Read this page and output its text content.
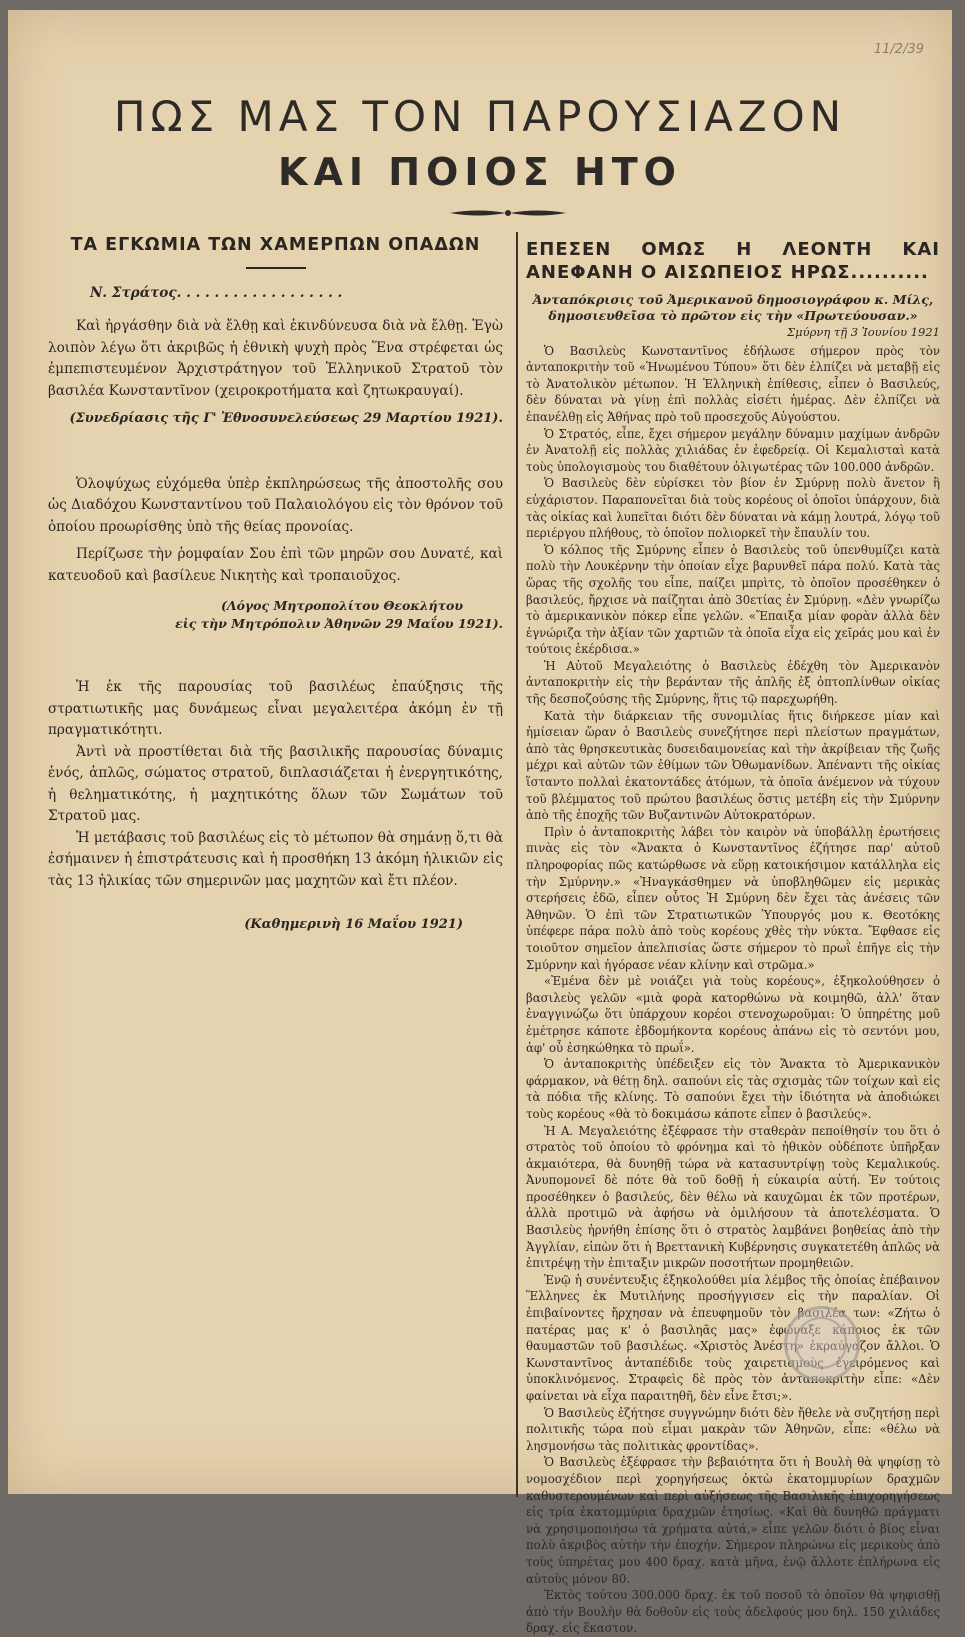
11/2/39
ΠΩΣ ΜΑΣ ΤΟΝ ΠΑΡΟΥΣΙΑΖΟΝ
ΚΑΙ ΠΟΙΟΣ ΗΤΟ
ΤΑ ΕΓΚΩΜΙΑ ΤΩΝ ΧΑΜΕΡΠΩΝ ΟΠΑΔΩΝ

Ν. Στράτος. . . . . . . . . . . . . . . . . .

Καὶ ἠργάσθην διὰ νὰ ἔλθῃ καὶ ἐκινδύνευσα διὰ νὰ ἔλθῃ. Ἐγὼ λοιπὸν λέγω ὅτι ἀκριβῶς ἡ ἐθνικὴ ψυχὴ πρὸς Ἕνα στρέφεται ὡς ἐμπεπιστευμένον Ἀρχιστράτηγον τοῦ Ἑλληνικοῦ Στρατοῦ τὸν βασιλέα Κωνσταντῖνον (χειροκροτήματα καὶ ζητωκραυγαί).

(Συνεδρίασις τῆς Γ' Ἐθνοσυνελεύσεως 29 Μαρτίου 1921).

Ὁλοψύχως εὐχόμεθα ὑπὲρ ἐκπληρώσεως τῆς ἀποστολῆς σου ὡς Διαδόχου Κωνσταντίνου τοῦ Παλαιολόγου εἰς τὸν θρόνον τοῦ ὁποίου προωρίσθης ὑπὸ τῆς θείας προνοίας.

Περίζωσε τὴν ῥομφαίαν Σου ἐπὶ τῶν μηρῶν σου Δυνατέ, καὶ κατευοδοῦ καὶ βασίλευε Νικητὴς καὶ τροπαιοῦχος.

(Λόγος Μητροπολίτου Θεοκλήτου

εἰς τὴν Μητρόπολιν Ἀθηνῶν 29 Μαΐου 1921).

Ἡ ἐκ τῆς παρουσίας τοῦ βασιλέως ἐπαύξησις τῆς στρατιωτικῆς μας δυνάμεως εἶναι μεγαλειτέρα ἀκόμη ἐν τῇ πραγματικότητι.

Ἀντὶ νὰ προστίθεται διὰ τῆς βασιλικῆς παρουσίας δύναμις ἑνός, ἁπλῶς, σώματος στρατοῦ, διπλασιάζεται ἡ ἐνεργητικότης, ἡ θεληματικότης, ἡ μαχητικότης ὅλων τῶν Σωμάτων τοῦ Στρατοῦ μας.

Ἡ μετάβασις τοῦ βασιλέως εἰς τὸ μέτωπον θὰ σημάνῃ ὅ,τι θὰ ἐσήμαινεν ἡ ἐπιστράτευσις καὶ ἡ προσθήκη 13 ἀκόμη ἡλικιῶν εἰς τὰς 13 ἡλικίας τῶν σημερινῶν μας μαχητῶν καὶ ἔτι πλέον.

(Καθημερινὴ 16 Μαΐου 1921)

ΕΠΕΣΕΝ ΟΜΩΣ Η ΛΕΟΝΤΗ ΚΑΙ ΑΝΕΦΑΝΗ Ο ΑΙΣΩΠΕΙΟΣ ΗΡΩΣ..........

Ἀνταπόκρισις τοῦ Ἀμερικανοῦ δημοσιογράφου κ. Μίλς, δημοσιευθεῖσα τὸ πρῶτον εἰς τὴν «Πρωτεύουσαν.»

Σμύρνη τῇ 3 Ἰουνίου 1921

Ὁ Βασιλεὺς Κωνσταντῖνος ἐδήλωσε σήμερον πρὸς τὸν ἀνταποκριτὴν τοῦ «Ἡνωμένου Τύπου» ὅτι δὲν ἐλπίζει νὰ μεταβῇ εἰς τὸ Ἀνατολικὸν μέτωπον. Ἡ Ἑλληνικὴ ἐπίθεσις, εἶπεν ὁ Βασιλεύς, δὲν δύναται νὰ γίνῃ ἐπὶ πολλὰς εἰσέτι ἡμέρας. Δὲν ἐλπίζει νὰ ἐπανέλθῃ εἰς Ἀθήνας πρὸ τοῦ προσεχοῦς Αὐγούστου.

Ὁ Στρατός, εἶπε, ἔχει σήμερον μεγάλην δύναμιν μαχίμων ἀνδρῶν ἐν Ἀνατολῇ εἰς πολλὰς χιλιάδας ἐν ἐφεδρείᾳ. Οἱ Κεμαλισταὶ κατὰ τοὺς ὑπολογισμοὺς του διαθέτουν ὀλιγωτέρας τῶν 100.000 ἀνδρῶν.

Ὁ Βασιλεὺς δὲν εὑρίσκει τὸν βίον ἐν Σμύρνῃ πολὺ ἄνετον ἢ εὐχάριστον. Παραπονεῖται διὰ τοὺς κορέους οἱ ὁποῖοι ὑπάρχουν, διὰ τὰς οἰκίας καὶ λυπεῖται διότι δὲν δύναται νὰ κάμῃ λουτρά, λόγῳ τοῦ περιέργου πλήθους, τὸ ὁποῖον πολιορκεῖ τὴν ἔπαυλίν του.

Ὁ κόλπος τῆς Σμύρνης εἶπεν ὁ Βασιλεὺς τοῦ ὑπενθυμίζει κατὰ πολὺ τὴν Λουκέρνην τὴν ὁποίαν εἶχε βαρυνθεῖ πάρα πολύ. Κατὰ τὰς ὥρας τῆς σχολῆς του εἶπε, παίζει μπρὶτς, τὸ ὁποῖον προσέθηκεν ὁ βασιλεύς, ἤρχισε νὰ παίζηται ἀπὸ 30ετίας ἐν Σμύρνῃ. «Δὲν γνωρίζω τὸ ἀμερικανικὸν πόκερ εἶπε γελῶν. «Ἔπαιξα μίαν φορὰν ἀλλὰ δὲν ἐγνώριζα τὴν ἀξίαν τῶν χαρτιῶν τὰ ὁποῖα εἶχα εἰς χεῖράς μου καὶ ἐν τούτοις ἐκέρδισα.»

Ἡ Αὐτοῦ Μεγαλειότης ὁ Βασιλεὺς ἐδέχθη τὸν Ἀμερικανὸν ἀνταποκριτὴν εἰς τὴν βεράνταν τῆς ἀπλῆς ἐξ ὀπτοπλίνθων οἰκίας τῆς δεσποζούσης τῆς Σμύρνης, ἥτις τῷ παρεχωρήθη.

Κατὰ τὴν διάρκειαν τῆς συνομιλίας ἥτις διήρκεσε μίαν καὶ ἡμίσειαν ὥραν ὁ Βασιλεὺς συνεζήτησε περὶ πλείστων πραγμάτων, ἀπὸ τὰς θρησκευτικὰς δυσειδαιμονείας καὶ τὴν ἀκρίβειαν τῆς ζωῆς μέχρι καὶ αὐτῶν τῶν ἐθίμων τῶν Ὀθωμανίδων. Ἀπέναντι τῆς οἰκίας ἵσταντο πολλαὶ ἑκατοντάδες ἀτόμων, τὰ ὁποῖα ἀνέμενον νὰ τύχουν τοῦ βλέμματος τοῦ πρώτου βασιλέως ὅστις μετέβη εἰς τὴν Σμύρνην ἀπὸ τῆς ἐποχῆς τῶν Βυζαντινῶν Αὐτοκρατόρων.

Πρὶν ὁ ἀνταποκριτὴς λάβει τὸν καιρὸν νὰ ὑποβάλλῃ ἐρωτήσεις πινὰς εἰς τὸν «Ἄνακτα ὁ Κωνσταντῖνος ἐζήτησε παρ' αὐτοῦ πληροφορίας πῶς κατώρθωσε νὰ εὕρῃ κατοικήσιμον κατάλληλα εἰς τὴν Σμύρνην.» «Ἠναγκάσθημεν νὰ ὑποβληθῶμεν εἰς μερικὰς στερήσεις ἐδῶ, εἶπεν οὗτος Ἡ Σμύρνη δὲν ἔχει τὰς ἀνέσεις τῶν Ἀθηνῶν. Ὁ ἐπὶ τῶν Στρατιωτικῶν Ὑπουργός μου κ. Θεοτόκης ὑπέφερε πάρα πολὺ ἀπὸ τοὺς κορέους χθὲς τὴν νύκτα. Ἔφθασε εἰς τοιοῦτον σημεῖον ἀπελπισίας ὥστε σήμερον τὸ πρωῒ ἐπῆγε εἰς τὴν Σμύρνην καὶ ἠγόρασε νέαν κλίνην καὶ στρῶμα.»

«Ἐμένα δὲν μὲ νοιάζει γιὰ τοὺς κορέους», ἐξηκολούθησεν ὁ βασιλεὺς γελῶν «μιὰ φορὰ κατορθώνω νὰ κοιμηθῶ, ἀλλ' ὅταν ἐναγγινώζω ὅτι ὑπάρχουν κορέοι στενοχωροῦμαι: Ὁ ὑπηρέτης μοῦ ἐμέτρησε κάποτε ἑβδομήκοντα κορέους ἀπάνω εἰς τὸ σεντόνι μου, ἀφ' οὗ ἐσηκώθηκα τὸ πρωΐ».

Ὁ ἀνταποκριτὴς ὑπέδειξεν εἰς τὸν Ἄνακτα τὸ Ἀμερικανικὸν φάρμακον, νὰ θέτῃ δηλ. σαπούνι εἰς τὰς σχισμὰς τῶν τοίχων καὶ εἰς τὰ πόδια τῆς κλίνης. Τὸ σαπούνι ἔχει τὴν ἰδιότητα νὰ ἀποδιώκει τοὺς κορέους «θὰ τὸ δοκιμάσω κάποτε εἶπεν ὁ βασιλεύς».

Ἡ Α. Μεγαλειότης ἐξέφρασε τὴν σταθερὰν πεποίθησίν του ὅτι ὁ στρατὸς τοῦ ὁποίου τὸ φρόνημα καὶ τὸ ἠθικὸν οὐδέποτε ὑπῆρξαν ἀκμαιότερα, θὰ δυνηθῇ τώρα νὰ κατασυντρίψῃ τοὺς Κεμαλικούς. Ἀνυπομονεῖ δὲ πότε θὰ τοῦ δοθῇ ἡ εὐκαιρία αὐτή. Ἐν τούτοις προσέθηκεν ὁ βασιλεύς, δὲν θέλω νὰ καυχῶμαι ἐκ τῶν προτέρων, ἀλλὰ προτιμῶ νὰ ἀφήσω νὰ ὁμιλήσουν τὰ ἀποτελέσματα. Ὁ Βασιλεὺς ἠρνήθη ἐπίσης ὅτι ὁ στρατὸς λαμβάνει βοηθείας ἀπὸ τὴν Ἀγγλίαν, εἰπὼν ὅτι ἡ Βρεττανικὴ Κυβέρνησις συγκατετέθη ἁπλῶς νὰ ἐπιτρέψῃ τὴν ἐπιταξιν μικρῶν ποσοτήτων προμηθειῶν.

Ἐνῷ ἡ συνέντευξις ἐξηκολούθει μία λέμβος τῆς ὁποίας ἐπέβαινον Ἕλληνες ἐκ Μυτιλήνης προσήγγισεν εἰς τὴν παραλίαν. Οἱ ἐπιβαίνοντες ἤρχησαν νὰ ἐπευφημοῦν τὸν βασιλέα των: «Ζήτω ὁ πατέρας μας κ' ὁ βασιληᾶς μας» ἐφώναξε κάποιος ἐκ τῶν θαυμαστῶν τοῦ βασιλέως. «Χριστὸς Ἀνέστη» ἐκραύγαζον ἄλλοι. Ὁ Κωνσταντῖνος ἀνταπέδιδε τοὺς χαιρετισμοὺς ἐγειρόμενος καὶ ὑποκλινόμενος. Στραφεὶς δὲ πρὸς τὸν ἀνταποκριτὴν εἶπε: «Δὲν φαίνεται νὰ εἶχα παραιτηθῆ, δὲν εἶνε ἔτσι;».

Ὁ Βασιλεὺς ἐζήτησε συγγνώμην διότι δὲν ἤθελε νὰ συζητήσῃ περὶ πολιτικῆς τώρα ποὺ εἶμαι μακρὰν τῶν Ἀθηνῶν, εἶπε: «θέλω νὰ λησμονήσω τὰς πολιτικὰς φροντίδας».

Ὁ Βασιλεὺς ἐξέφρασε τὴν βεβαιότητα ὅτι ἡ Βουλὴ θὰ ψηφίσῃ τὸ νομοσχέδιον περὶ χορηγήσεως ὀκτὼ ἑκατομμυρίων δραχμῶν καθυστερουμένων καὶ περὶ αὐξήσεως τῆς Βασιλικῆς ἐπιχορηγήσεως εἰς τρία ἑκατομμύρια δραχμῶν ἐτησίως. «Καὶ θὰ δυνηθῶ πράγματι νὰ χρησιμοποιήσω τὰ χρήματα αὐτά,» εἶπε γελῶν διότι ὁ βίος εἶναι πολὺ ἀκριβὸς αὐτὴν τὴν ἐποχήν. Σήμερον πληρώνω εἰς μερικοὺς ἀπὸ τοὺς ὑπηρέτας μου 400 δραχ. κατὰ μῆνα, ἐνῷ ἄλλοτε ἐπλήρωνα εἰς αὐτοὺς μόνον 80.

Ἐκτὸς τούτου 300.000 δραχ. ἐκ τοῦ ποσοῦ τὸ ὁποῖον θὰ ψηφισθῇ ἀπὸ τὴν Βουλὴν θὰ δοθοῦν εἰς τοὺς ἀδελφούς μου δηλ. 150 χιλιάδες δραχ. εἰς ἕκαστον.
